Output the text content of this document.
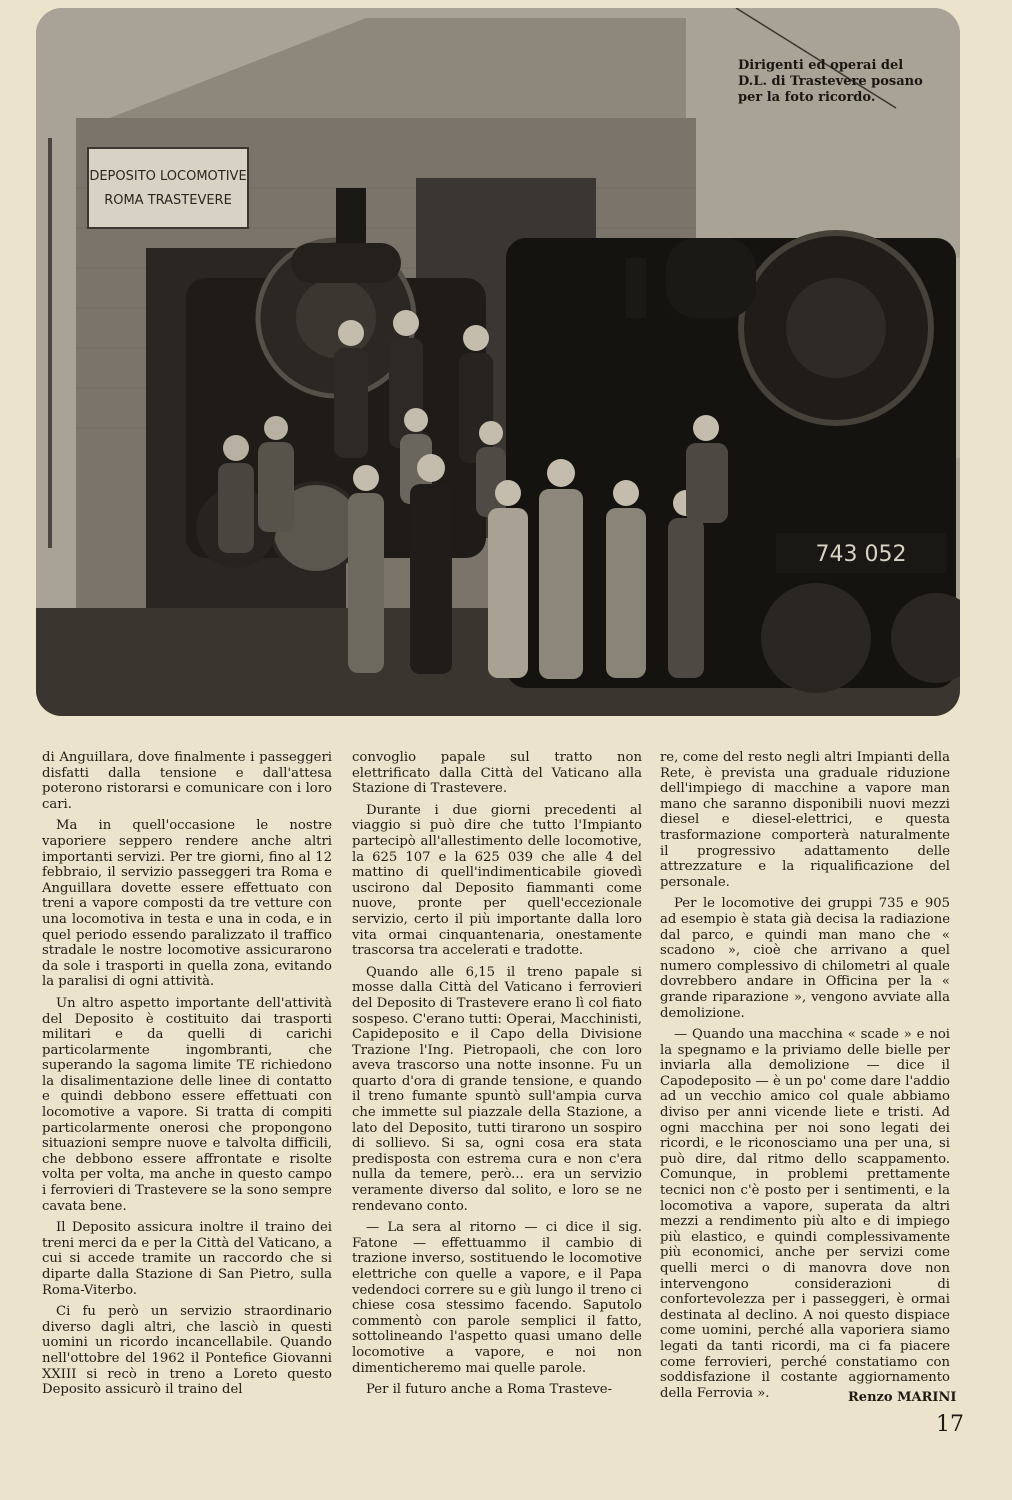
DEPOSITO LOCOMOTIVE
ROMA TRASTEVERE
743 052
Dirigenti ed operai del
D.L. di Trastevere posano
per la foto ricordo.

di Anguillara, dove finalmente i passeggeri disfatti dalla tensione e dall'attesa poterono ristorarsi e comunicare con i loro cari.

Ma in quell'occasione le nostre vaporiere seppero rendere anche altri importanti servizi. Per tre giorni, fino al 12 febbraio, il servizio passeggeri tra Roma e Anguillara dovette essere effettuato con treni a vapore composti da tre vetture con una locomotiva in testa e una in coda, e in quel periodo essendo paralizzato il traffico stradale le nostre locomotive assicurarono da sole i trasporti in quella zona, evitando la paralisi di ogni attività.

Un altro aspetto importante dell'attività del Deposito è costituito dai trasporti militari e da quelli di carichi particolarmente ingombranti, che superando la sagoma limite TE richiedono la disalimentazione delle linee di contatto e quindi debbono essere effettuati con locomotive a vapore. Si tratta di compiti particolarmente onerosi che propongono situazioni sempre nuove e talvolta difficili, che debbono essere affrontate e risolte volta per volta, ma anche in questo campo i ferrovieri di Trastevere se la sono sempre cavata bene.

Il Deposito assicura inoltre il traino dei treni merci da e per la Città del Vaticano, a cui si accede tramite un raccordo che si diparte dalla Stazione di San Pietro, sulla Roma-Viterbo.

Ci fu però un servizio straordinario diverso dagli altri, che lasciò in questi uomini un ricordo incancellabile. Quando nell'ottobre del 1962 il Pontefice Giovanni XXIII si recò in treno a Loreto questo Deposito assicurò il traino del

convoglio papale sul tratto non elettrificato dalla Città del Vaticano alla Stazione di Trastevere.

Durante i due giorni precedenti al viaggio si può dire che tutto l'Impianto partecipò all'allestimento delle locomotive, la 625 107 e la 625 039 che alle 4 del mattino di quell'indimenticabile giovedì uscirono dal Deposito fiammanti come nuove, pronte per quell'eccezionale servizio, certo il più importante dalla loro vita ormai cinquantenaria, onestamente trascorsa tra accelerati e tradotte.

Quando alle 6,15 il treno papale si mosse dalla Città del Vaticano i ferrovieri del Deposito di Trastevere erano lì col fiato sospeso. C'erano tutti: Operai, Macchinisti, Capideposito e il Capo della Divisione Trazione l'Ing. Pietropaoli, che con loro aveva trascorso una notte insonne. Fu un quarto d'ora di grande tensione, e quando il treno fumante spuntò sull'ampia curva che immette sul piazzale della Stazione, a lato del Deposito, tutti tirarono un sospiro di sollievo. Si sa, ogni cosa era stata predisposta con estrema cura e non c'era nulla da temere, però... era un servizio veramente diverso dal solito, e loro se ne rendevano conto.

— La sera al ritorno — ci dice il sig. Fatone — effettuammo il cambio di trazione inverso, sostituendo le locomotive elettriche con quelle a vapore, e il Papa vedendoci correre su e giù lungo il treno ci chiese cosa stessimo facendo. Saputolo commentò con parole semplici il fatto, sottolineando l'aspetto quasi umano delle locomotive a vapore, e noi non dimenticheremo mai quelle parole.

Per il futuro anche a Roma Trasteve-

re, come del resto negli altri Impianti della Rete, è prevista una graduale riduzione dell'impiego di macchine a vapore man mano che saranno disponibili nuovi mezzi diesel e diesel-elettrici, e questa trasformazione comporterà naturalmente il progressivo adattamento delle attrezzature e la riqualificazione del personale.

Per le locomotive dei gruppi 735 e 905 ad esempio è stata già decisa la radiazione dal parco, e quindi man mano che « scadono », cioè che arrivano a quel numero complessivo di chilometri al quale dovrebbero andare in Officina per la « grande riparazione », vengono avviate alla demolizione.

— Quando una macchina « scade » e noi la spegnamo e la priviamo delle bielle per inviarla alla demolizione — dice il Capodeposito — è un po' come dare l'addio ad un vecchio amico col quale abbiamo diviso per anni vicende liete e tristi. Ad ogni macchina per noi sono legati dei ricordi, e le riconosciamo una per una, si può dire, dal ritmo dello scappamento. Comunque, in problemi prettamente tecnici non c'è posto per i sentimenti, e la locomotiva a vapore, superata da altri mezzi a rendimento più alto e di impiego più elastico, e quindi complessivamente più economici, anche per servizi come quelli merci o di manovra dove non intervengono considerazioni di confortevolezza per i passeggeri, è ormai destinata al declino. A noi questo dispiace come uomini, perché alla vaporiera siamo legati da tanti ricordi, ma ci fa piacere come ferrovieri, perché constatiamo con soddisfazione il costante aggiornamento della Ferrovia ».	Renzo MARINI
17
